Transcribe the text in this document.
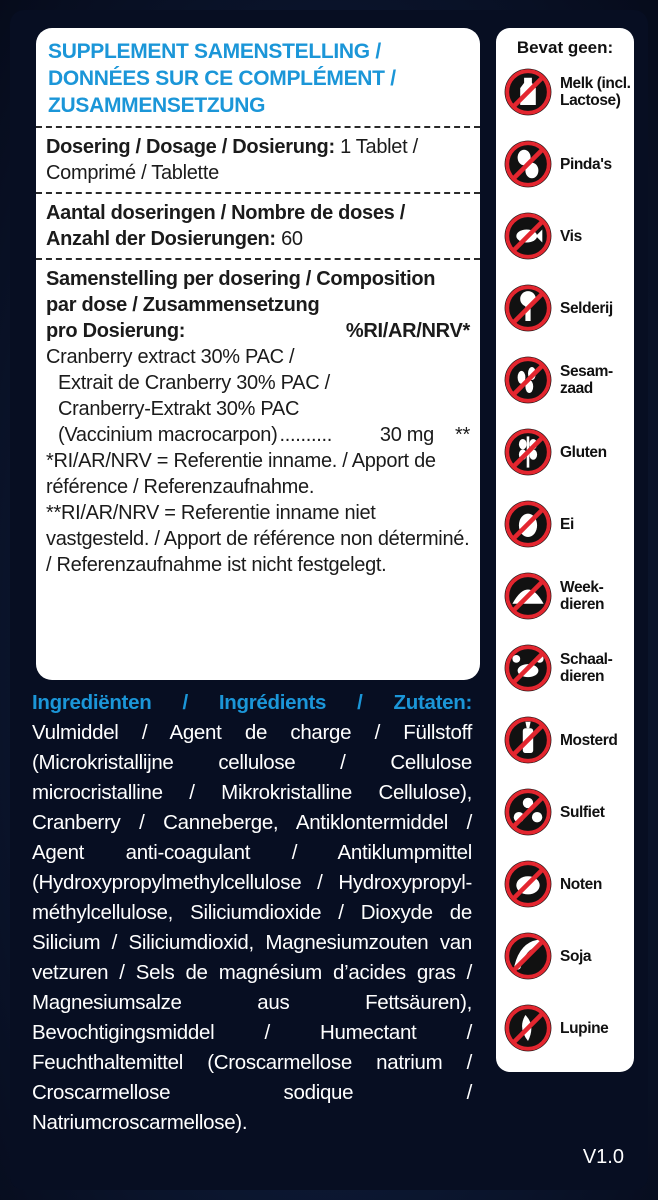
SUPPLEMENT SAMENSTELLING /
DONNÉES SUR CE COMPLÉMENT /
ZUSAMMENSETZUNG
Dosering / Dosage / Dosierung: 1 Tablet /
Comprimé / Tablette
Aantal doseringen / Nombre de doses /
Anzahl der Dosierungen: 60
Samenstelling per dosering / Composition
par dose / Zusammensetzung
pro Dosierung:	%RI/AR/NRV*
Cranberry extract 30% PAC /
Extrait de Cranberry 30% PAC /
Cranberry-Extrakt 30% PAC
(Vaccinium macrocarpon) ..........	30 mg	**
*RI/AR/NRV = Referentie inname. / Apport de référence / Referenzaufnahme.
**RI/AR/NRV = Referentie inname niet vastgesteld. / Apport de référence non déterminé. / Referenzaufnahme ist nicht festgelegt.
Ingrediënten / Ingrédients / Zutaten:
Vulmiddel / Agent de charge / Füllstoff (Microkristallijne cellulose / Cellulose microcristalline / Mikrokristalline Cellulose), Cranberry / Canneberge, Antiklontermiddel / Agent anti-coagulant / Antiklumpmittel (Hydroxypropylmethylcellulose / Hydroxypropyl-méthylcellulose, Siliciumdioxide / Dioxyde de Silicium / Siliciumdioxid, Magnesiumzouten van vetzuren / Sels de magnésium d’acides gras / Magnesiumsalze aus Fettsäuren), Bevochtigingsmiddel / Humectant / Feuchthaltemittel (Croscarmellose natrium / Croscarmellose sodique / Natriumcroscarmellose).
V1.0
Bevat geen:
Melk (incl. Lactose)
Pinda's
Vis
Selderij
Sesam-zaad
Gluten
Ei
Week-dieren
Schaal-dieren
Mosterd
Sulfiet
Noten
Soja
Lupine
